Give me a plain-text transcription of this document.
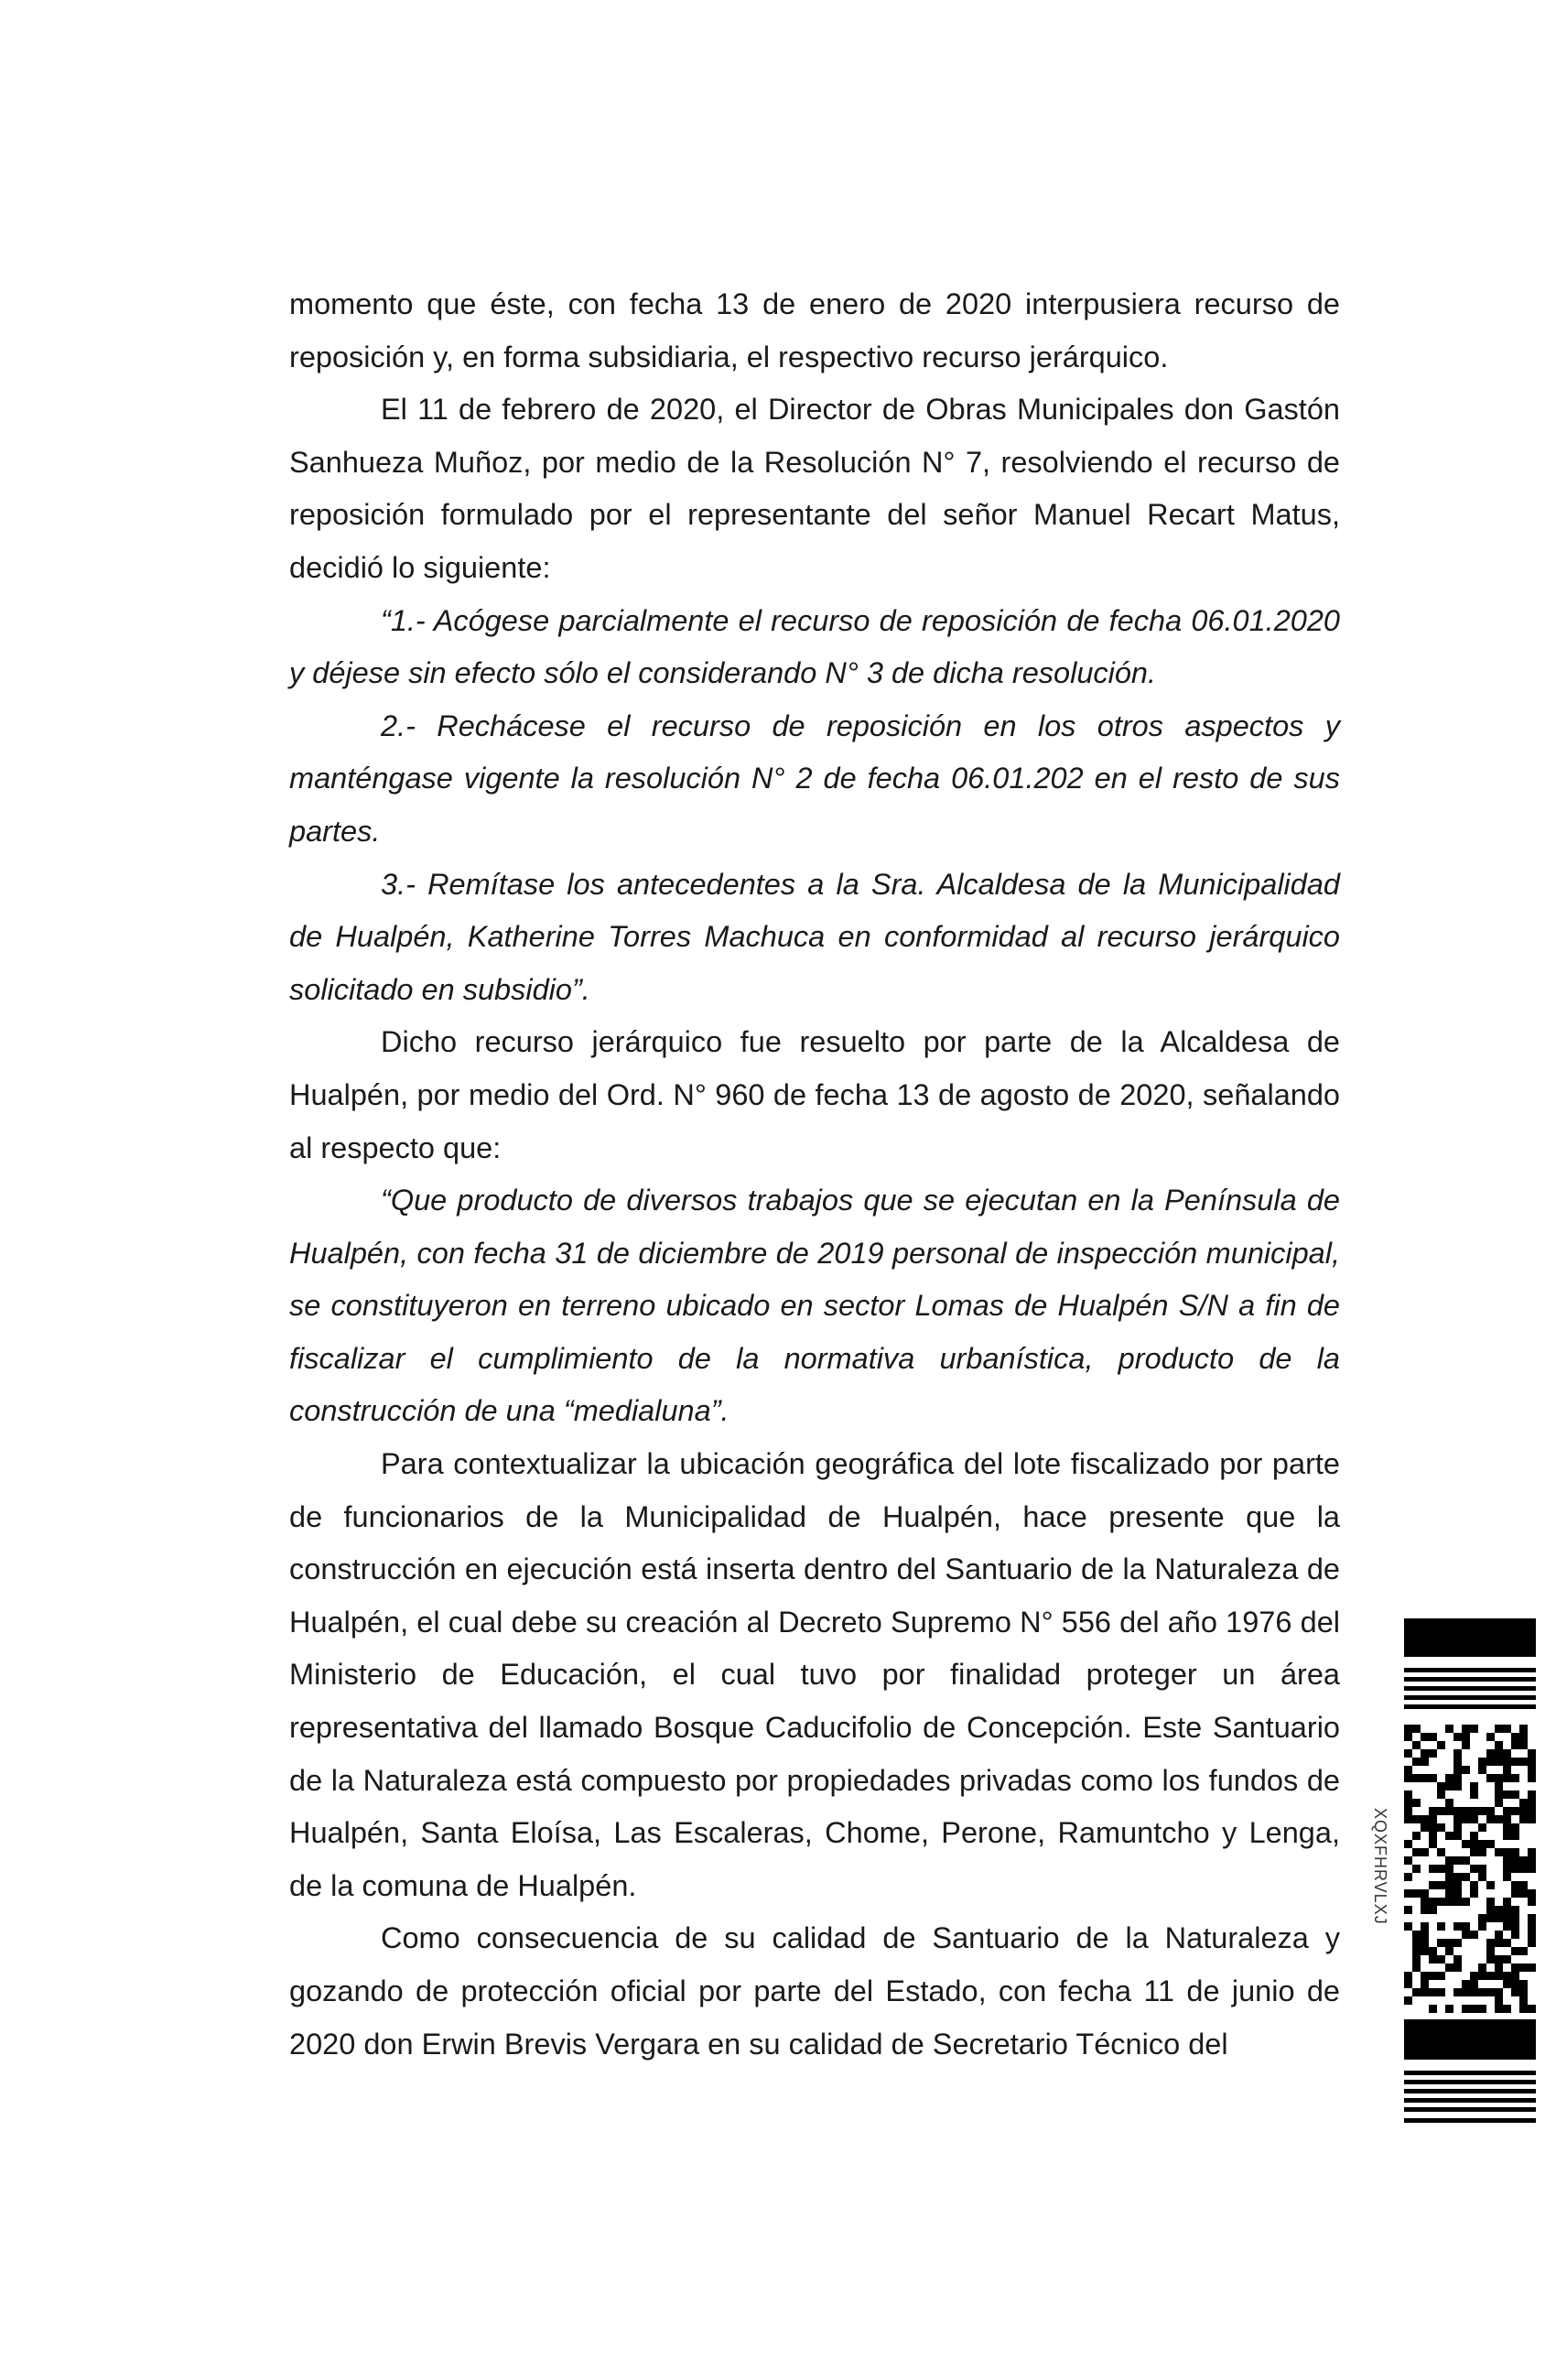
momento que éste, con fecha 13 de enero de 2020 interpusiera recurso de reposición y, en forma subsidiaria, el respectivo recurso jerárquico.

El 11 de febrero de 2020, el Director de Obras Municipales don Gastón Sanhueza Muñoz, por medio de la Resolución N° 7, resolviendo el recurso de reposición formulado por el representante del señor Manuel Recart Matus, decidió lo siguiente:

“1.- Acógese parcialmente el recurso de reposición de fecha 06.01.2020 y déjese sin efecto sólo el considerando N° 3 de dicha resolución.

2.- Rechácese el recurso de reposición en los otros aspectos y manténgase vigente la resolución N° 2 de fecha 06.01.202 en el resto de sus partes.

3.- Remítase los antecedentes a la Sra. Alcaldesa de la Municipalidad de Hualpén, Katherine Torres Machuca en conformidad al recurso jerárquico solicitado en subsidio”.

Dicho recurso jerárquico fue resuelto por parte de la Alcaldesa de Hualpén, por medio del Ord. N° 960 de fecha 13 de agosto de 2020, señalando al respecto que:

“Que producto de diversos trabajos que se ejecutan en la Península de Hualpén, con fecha 31 de diciembre de 2019 personal de inspección municipal, se constituyeron en terreno ubicado en sector Lomas de Hualpén S/N a fin de fiscalizar el cumplimiento de la normativa urbanística, producto de la construcción de una “medialuna”.

Para contextualizar la ubicación geográfica del lote fiscalizado por parte de funcionarios de la Municipalidad de Hualpén, hace presente que la construcción en ejecución está inserta dentro del Santuario de la Naturaleza de Hualpén, el cual debe su creación al Decreto Supremo N° 556 del año 1976 del Ministerio de Educación, el cual tuvo por finalidad proteger un área representativa del llamado Bosque Caducifolio de Concepción. Este Santuario de la Naturaleza está compuesto por propiedades privadas como los fundos de Hualpén, Santa Eloísa, Las Escaleras, Chome, Perone, Ramuntcho y Lenga, de la comuna de Hualpén.

Como consecuencia de su calidad de Santuario de la Naturaleza y gozando de protección oficial por parte del Estado, con fecha 11 de junio de 2020 don Erwin Brevis Vergara en su calidad de Secretario Técnico del

XQXFHRVLXJ
